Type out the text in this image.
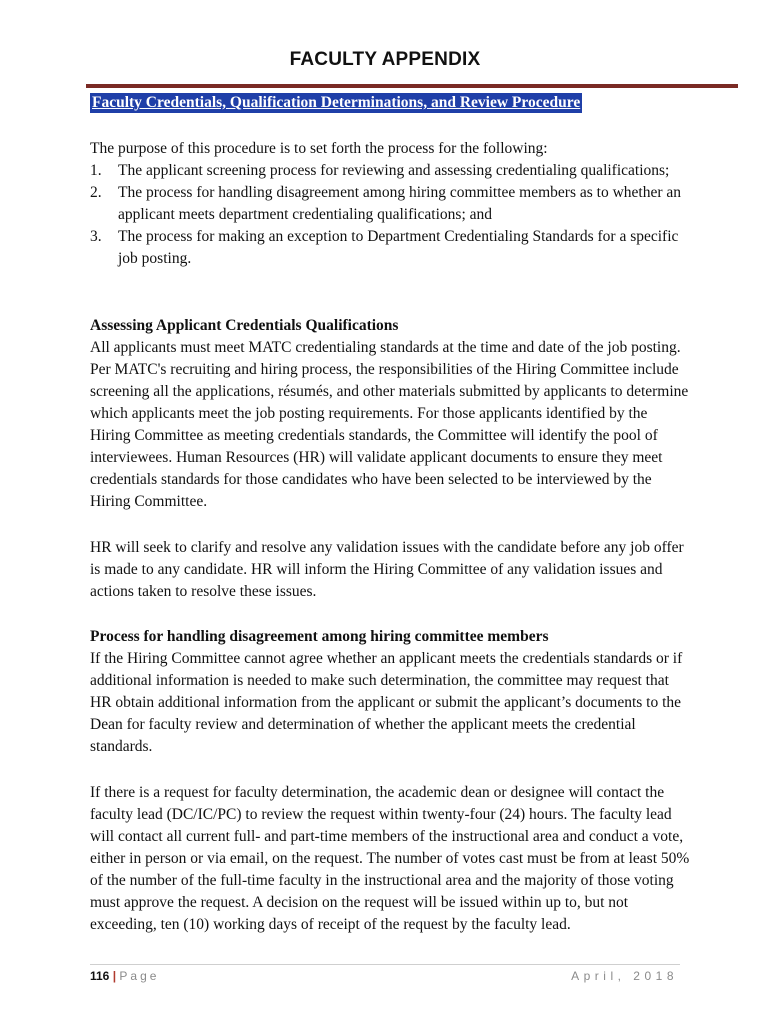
FACULTY APPENDIX
Faculty Credentials, Qualification Determinations, and Review Procedure

The purpose of this procedure is to set forth the process for the following:

1. The applicant screening process for reviewing and assessing credentialing qualifications;
2. The process for handling disagreement among hiring committee members as to whether an applicant meets department credentialing qualifications; and
3. The process for making an exception to Department Credentialing Standards for a specific job posting.
Assessing Applicant Credentials Qualifications

All applicants must meet MATC credentialing standards at the time and date of the job posting. Per MATC's recruiting and hiring process, the responsibilities of the Hiring Committee include screening all the applications, résumés, and other materials submitted by applicants to determine which applicants meet the job posting requirements. For those applicants identified by the Hiring Committee as meeting credentials standards, the Committee will identify the pool of interviewees. Human Resources (HR) will validate applicant documents to ensure they meet credentials standards for those candidates who have been selected to be interviewed by the Hiring Committee.

HR will seek to clarify and resolve any validation issues with the candidate before any job offer is made to any candidate. HR will inform the Hiring Committee of any validation issues and actions taken to resolve these issues.

Process for handling disagreement among hiring committee members

If the Hiring Committee cannot agree whether an applicant meets the credentials standards or if additional information is needed to make such determination, the committee may request that HR obtain additional information from the applicant or submit the applicant’s documents to the Dean for faculty review and determination of whether the applicant meets the credential standards.

If there is a request for faculty determination, the academic dean or designee will contact the faculty lead (DC/IC/PC) to review the request within twenty-four (24) hours. The faculty lead will contact all current full- and part-time members of the instructional area and conduct a vote, either in person or via email, on the request. The number of votes cast must be from at least 50% of the number of the full-time faculty in the instructional area and the majority of those voting must approve the request. A decision on the request will be issued within up to, but not exceeding, ten (10) working days of receipt of the request by the faculty lead.

116 | Page	April, 2018
